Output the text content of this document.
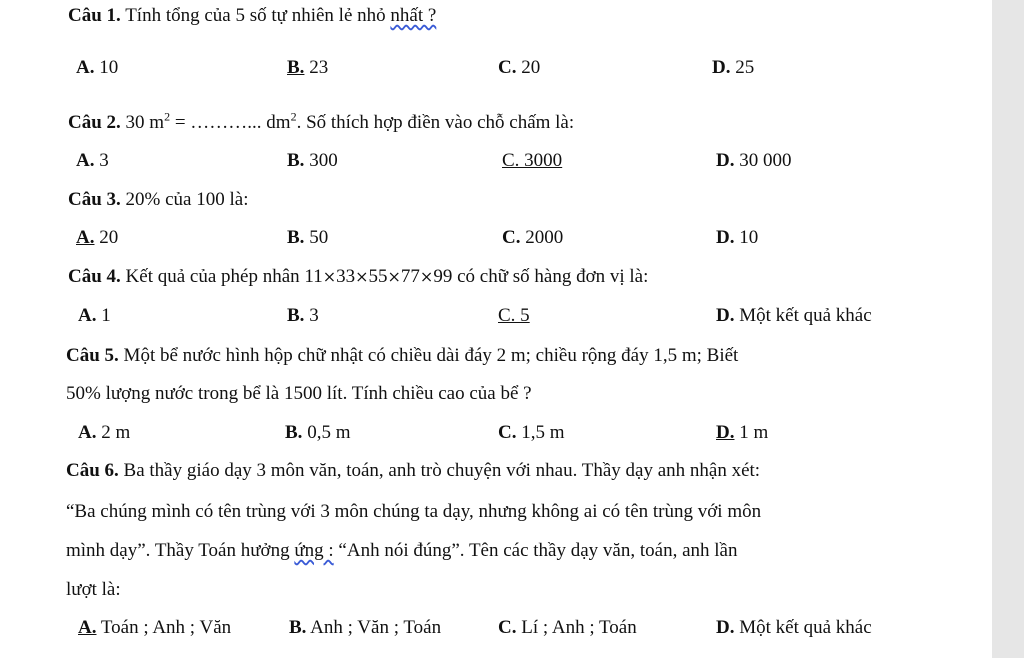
Câu 1. Tính tổng của 5 số tự nhiên lẻ nhỏ nhất ?
A. 10	B. 23	C. 20	D. 25
Câu 2. 30 $m^2$ = ………... $dm^2$. Số thích hợp điền vào chỗ chấm là:
A. 3	B. 300	C. 3000	D. 30 000
Câu 3. 20% của 100 là:
A. 20	B. 50	C. 2000	D. 10
Câu 4. Kết quả của phép nhân 11×33×55×77×99 có chữ số hàng đơn vị là:
A. 1	B. 3	C. 5	D. Một kết quả khác
Câu 5. Một bể nước hình hộp chữ nhật có chiều dài đáy 2 m; chiều rộng đáy 1,5 m; Biết
50% lượng nước trong bể là 1500 lít. Tính chiều cao của bể ?
A. 2 m	B. 0,5 m	C. 1,5 m	D. 1 m
Câu 6. Ba thầy giáo dạy 3 môn văn, toán, anh trò chuyện với nhau. Thầy dạy anh nhận xét:
“Ba chúng mình có tên trùng với 3 môn chúng ta dạy, nhưng không ai có tên trùng với môn
mình dạy”. Thầy Toán hưởng ứng : “Anh nói đúng”. Tên các thầy dạy văn, toán, anh lần
lượt là:
A. Toán ; Anh ; Văn	B. Anh ; Văn ; Toán	C. Lí ; Anh ; Toán	D. Một kết quả khác
